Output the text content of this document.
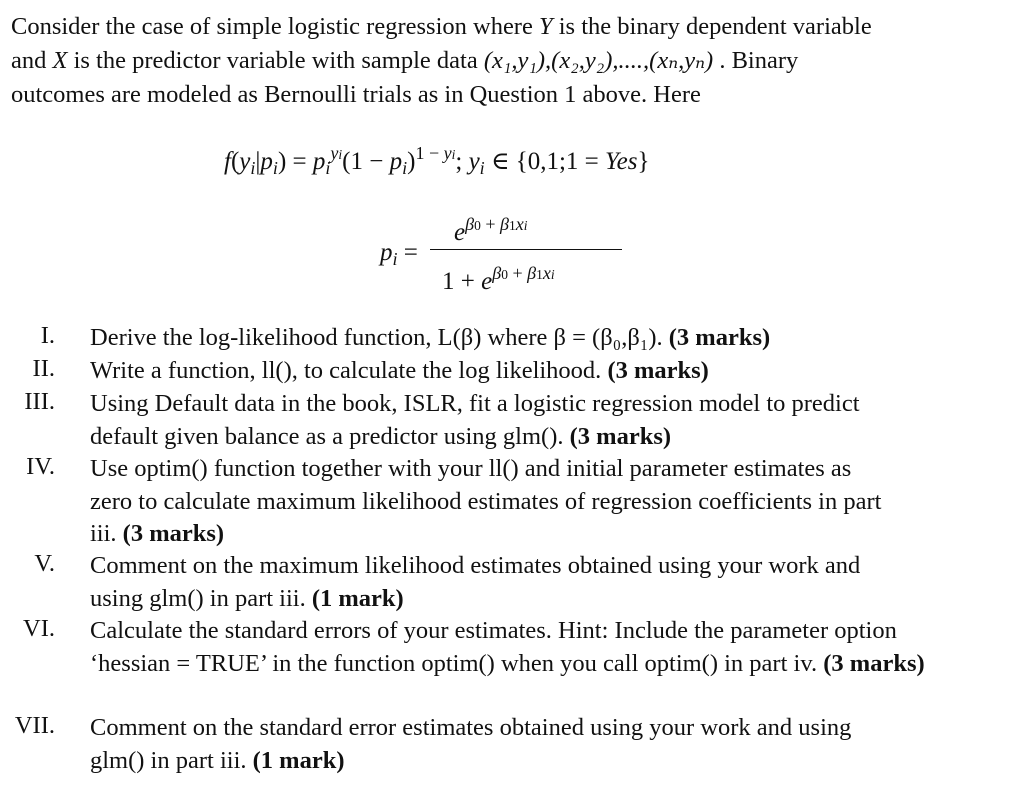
Consider the case of simple logistic regression where Y is the binary dependent variable
and X is the predictor variable with sample data (x₁,y₁),(x₂,y₂),....,(xₙ,yₙ) . Binary
outcomes are modeled as Bernoulli trials as in Question 1 above. Here
$f(y_i|p_i) = p_i^{yi}(1 - p_i)^{1 - yi}$; $y_i$ ∈ {0,1;1 = Yes}
$p_i$ =
$e^{\beta 0 + \beta 1xi}$
$1 + e^{\beta 0 + \beta 1xi}$
I. Derive the log-likelihood function, L(β) where β = (β₀,β₁). (3 marks)
II. Write a function, ll(), to calculate the log likelihood. (3 marks)
III. Using Default data in the book, ISLR, fit a logistic regression model to predict
default given balance as a predictor using glm(). (3 marks)
IV. Use optim() function together with your ll() and initial parameter estimates as
zero to calculate maximum likelihood estimates of regression coefficients in part
iii. (3 marks)
V. Comment on the maximum likelihood estimates obtained using your work and
using glm() in part iii. (1 mark)
VI. Calculate the standard errors of your estimates. Hint: Include the parameter option
‘hessian = TRUE’ in the function optim() when you call optim() in part iv. (3 marks)
VII. Comment on the standard error estimates obtained using your work and using
glm() in part iii. (1 mark)
